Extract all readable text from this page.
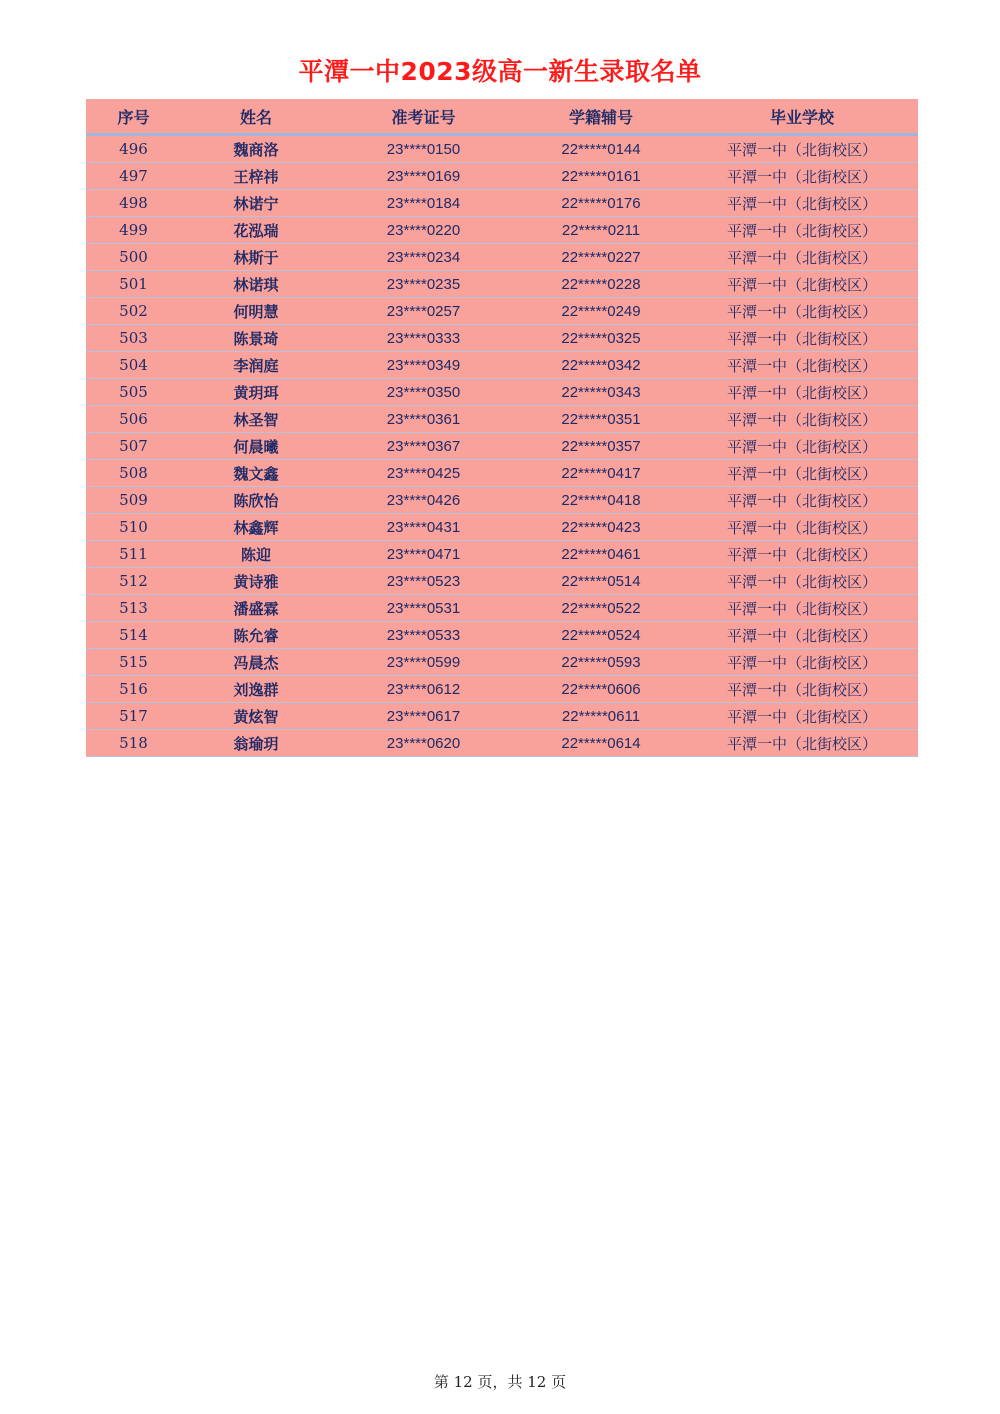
平潭一中2023级高一新生录取名单
序号	姓名	准考证号	学籍辅号	毕业学校
496	魏商洛	23****0150	22*****0144	平潭一中（北街校区）
497	王梓祎	23****0169	22*****0161	平潭一中（北街校区）
498	林诺宁	23****0184	22*****0176	平潭一中（北街校区）
499	花泓瑞	23****0220	22*****0211	平潭一中（北街校区）
500	林斯于	23****0234	22*****0227	平潭一中（北街校区）
501	林诺琪	23****0235	22*****0228	平潭一中（北街校区）
502	何明慧	23****0257	22*****0249	平潭一中（北街校区）
503	陈景琦	23****0333	22*****0325	平潭一中（北街校区）
504	李润庭	23****0349	22*****0342	平潭一中（北街校区）
505	黄玥珥	23****0350	22*****0343	平潭一中（北街校区）
506	林圣智	23****0361	22*****0351	平潭一中（北街校区）
507	何晨曦	23****0367	22*****0357	平潭一中（北街校区）
508	魏文鑫	23****0425	22*****0417	平潭一中（北街校区）
509	陈欣怡	23****0426	22*****0418	平潭一中（北街校区）
510	林鑫辉	23****0431	22*****0423	平潭一中（北街校区）
511	陈迎	23****0471	22*****0461	平潭一中（北街校区）
512	黄诗雅	23****0523	22*****0514	平潭一中（北街校区）
513	潘盛霖	23****0531	22*****0522	平潭一中（北街校区）
514	陈允睿	23****0533	22*****0524	平潭一中（北街校区）
515	冯晨杰	23****0599	22*****0593	平潭一中（北街校区）
516	刘逸群	23****0612	22*****0606	平潭一中（北街校区）
517	黄炫智	23****0617	22*****0611	平潭一中（北街校区）
518	翁瑜玥	23****0620	22*****0614	平潭一中（北街校区）
第 12 页，共 12 页
